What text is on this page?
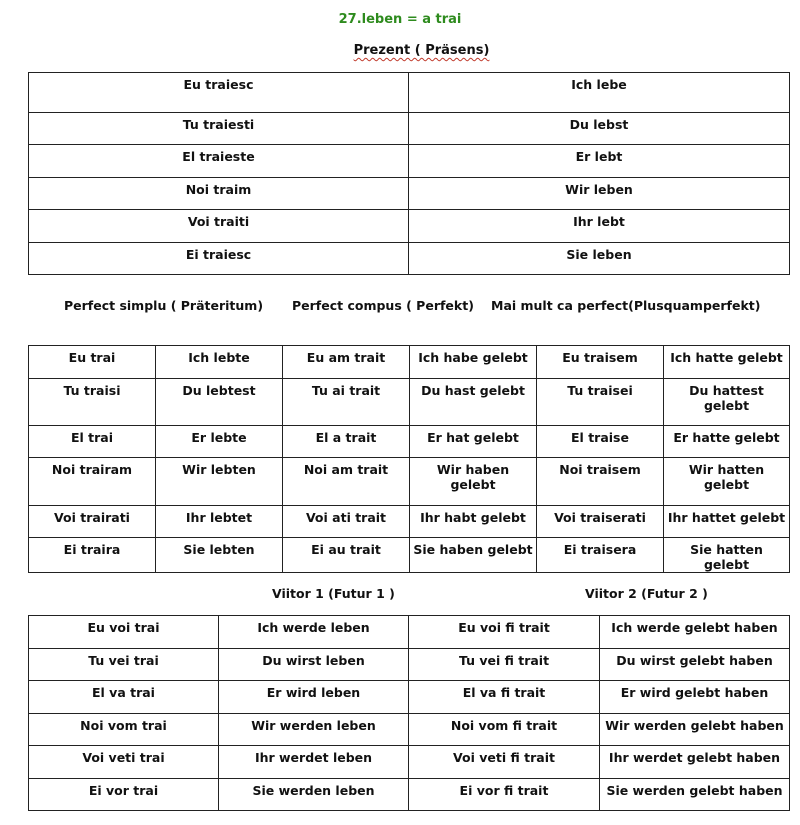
27.leben = a trai
Prezent ( Präsens)
Eu traiesc	Ich lebe
Tu traiesti	Du lebst
El traieste	Er lebt
Noi traim	Wir leben
Voi traiti	Ihr lebt
Ei traiesc	Sie leben
Perfect simplu ( Präteritum) Perfect compus ( Perfekt) Mai mult ca perfect(Plusquamperfekt)
Eu trai	Ich lebte	Eu am trait	Ich habe gelebt	Eu traisem	Ich hatte gelebt
Tu traisi	Du lebtest	Tu ai trait	Du hast gelebt	Tu traisei	Du hattest gelebt
El trai	Er lebte	El a trait	Er hat gelebt	El traise	Er hatte gelebt
Noi trairam	Wir lebten	Noi am trait	Wir haben gelebt	Noi traisem	Wir hatten gelebt
Voi trairati	Ihr lebtet	Voi ati trait	Ihr habt gelebt	Voi traiserati	Ihr hattet gelebt
Ei traira	Sie lebten	Ei au trait	Sie haben gelebt	Ei traisera	Sie hatten gelebt
Viitor 1 (Futur 1 )	Viitor 2 (Futur 2 )
Eu voi trai	Ich werde leben	Eu voi fi trait	Ich werde gelebt haben
Tu vei trai	Du wirst leben	Tu vei fi trait	Du wirst gelebt haben
El va trai	Er wird leben	El va fi trait	Er wird gelebt haben
Noi vom trai	Wir werden leben	Noi vom fi trait	Wir werden gelebt haben
Voi veti trai	Ihr werdet leben	Voi veti fi trait	Ihr werdet gelebt haben
Ei vor trai	Sie werden leben	Ei vor fi trait	Sie werden gelebt haben
